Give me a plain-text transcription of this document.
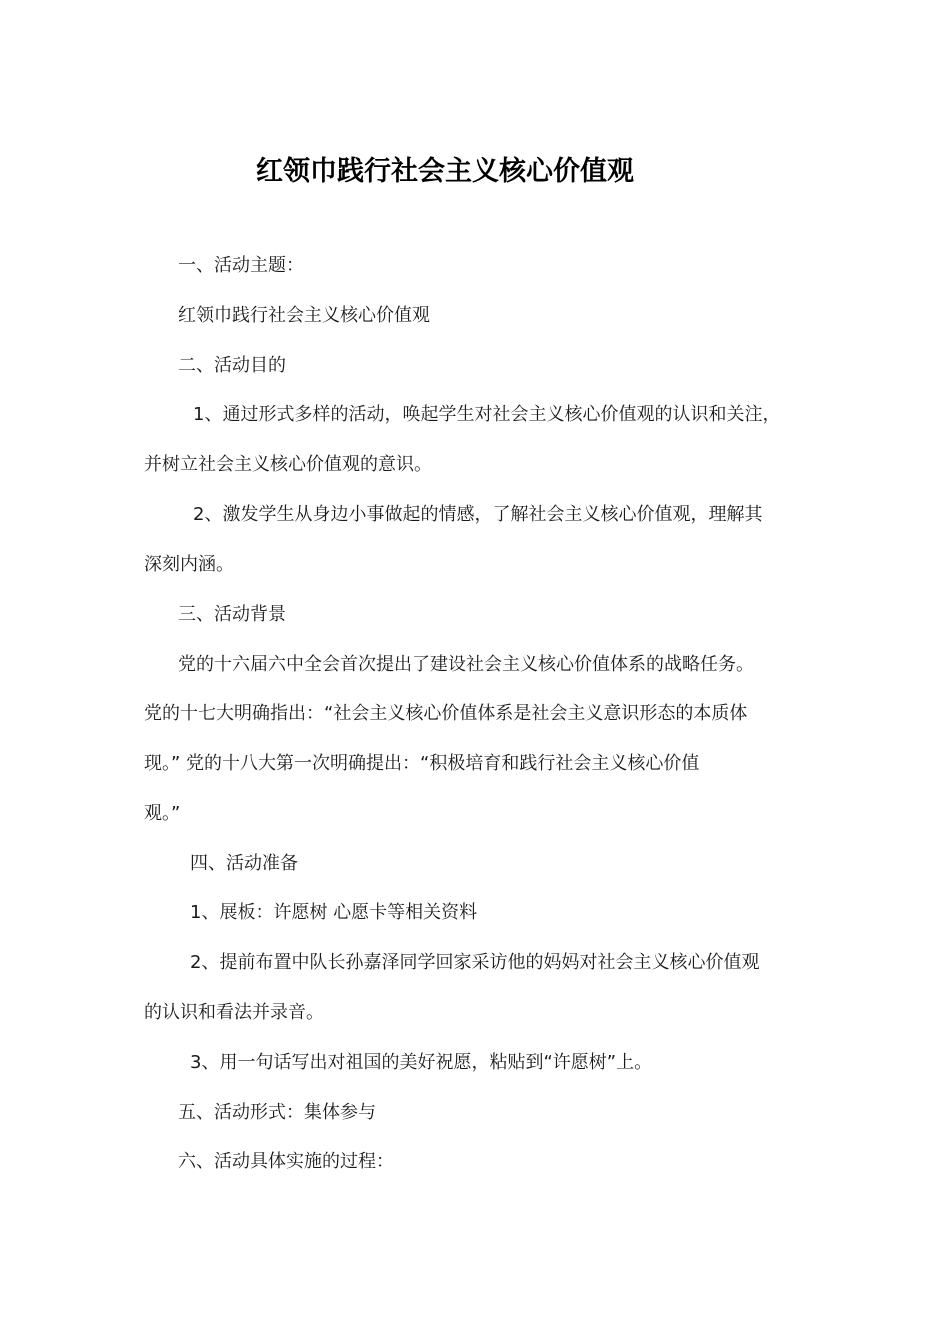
红领巾践行社会主义核心价值观
一、活动主题：
红领巾践行社会主义核心价值观
二、活动目的
1、通过形式多样的活动，唤起学生对社会主义核心价值观的认识和关注，
并树立社会主义核心价值观的意识。
2、激发学生从身边小事做起的情感，了解社会主义核心价值观，理解其
深刻内涵。
三、活动背景
党的十六届六中全会首次提出了建设社会主义核心价值体系的战略任务。
党的十七大明确指出：“社会主义核心价值体系是社会主义意识形态的本质体
现。” 党的十八大第一次明确提出：“积极培育和践行社会主义核心价值
观。”
四、活动准备
1、展板：许愿树 心愿卡等相关资料
2、提前布置中队长孙嘉泽同学回家采访他的妈妈对社会主义核心价值观
的认识和看法并录音。
3、用一句话写出对祖国的美好祝愿，粘贴到“许愿树”上。
五、活动形式：集体参与
六、活动具体实施的过程：
